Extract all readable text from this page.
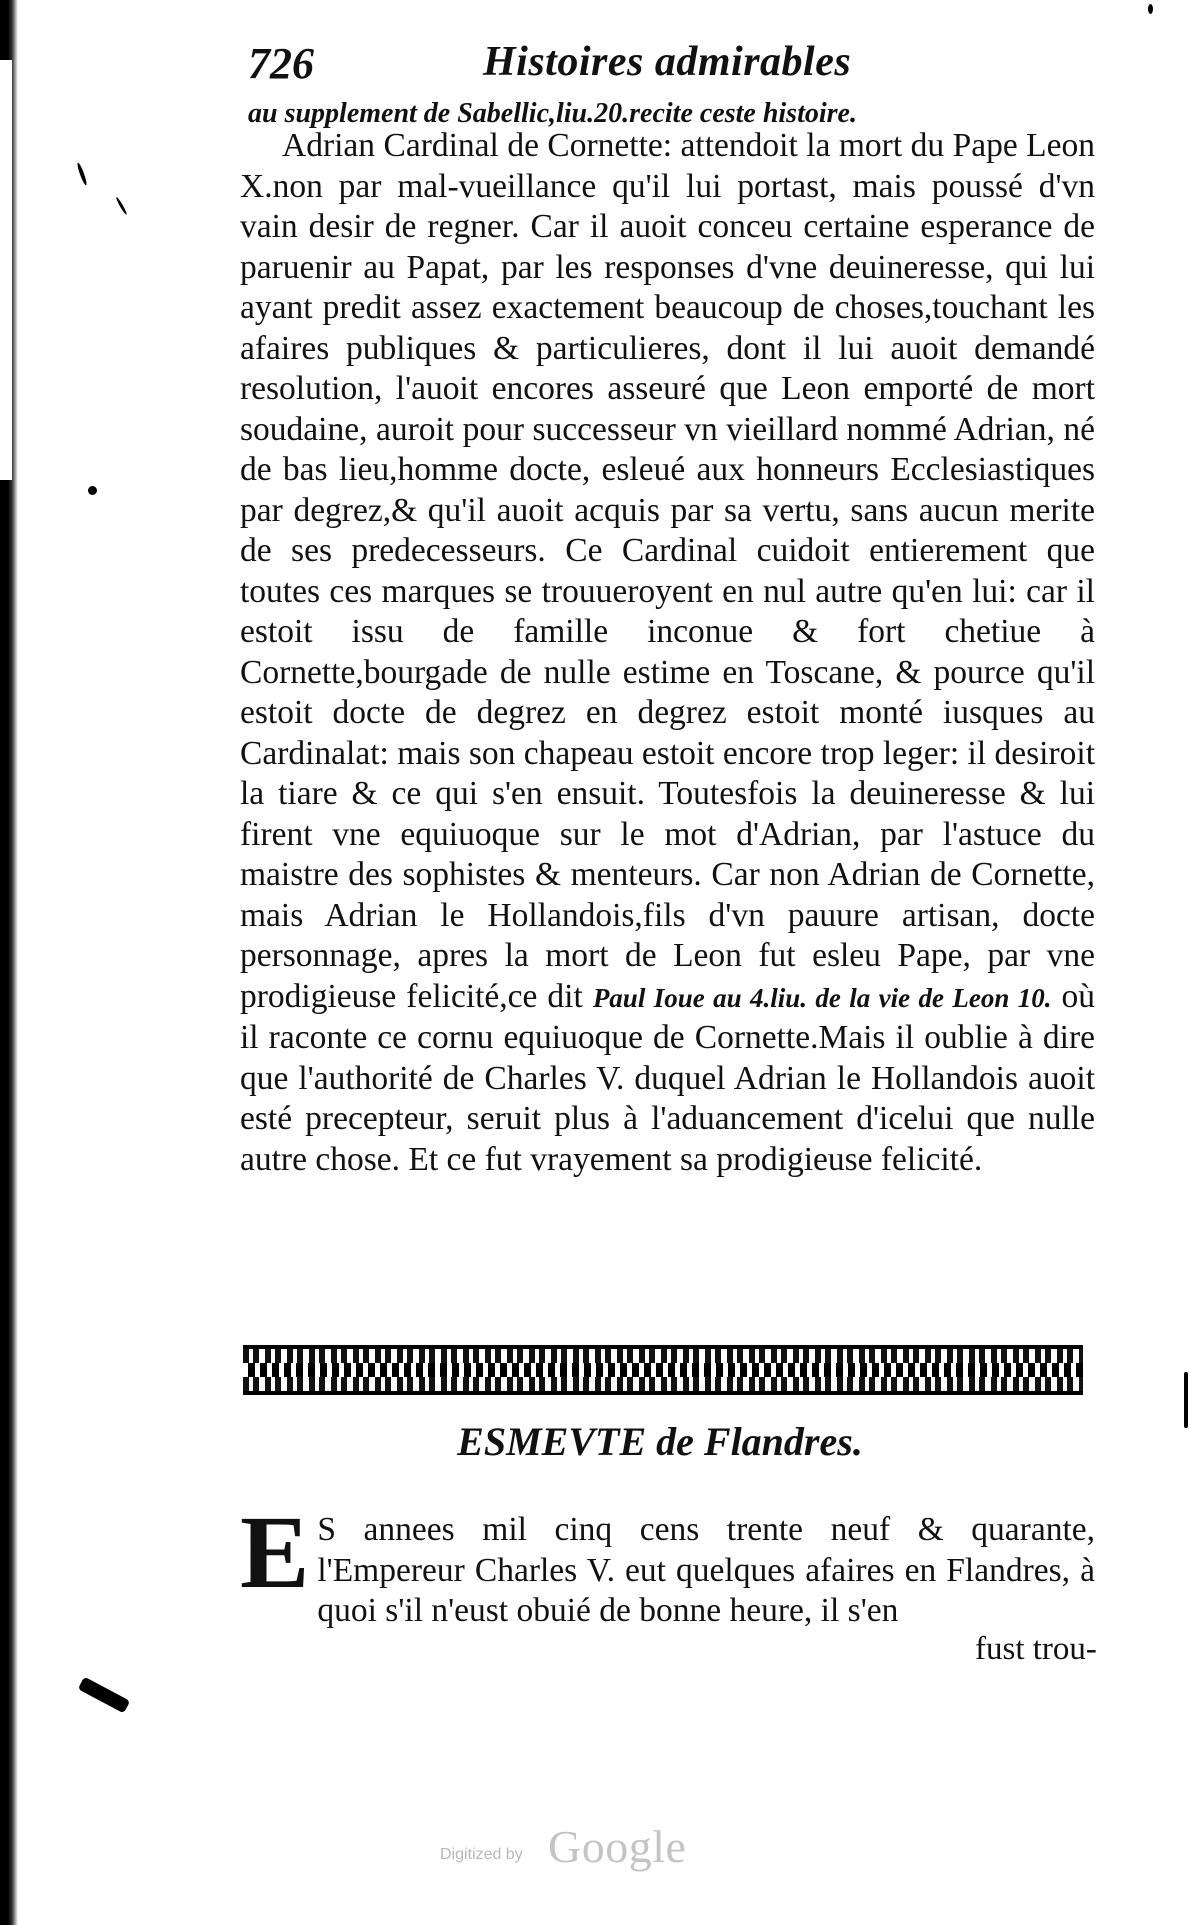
726	Histoires admirables
au supplement de Sabellic,liu.20.recite ceste histoire.

Adrian Cardinal de Cornette: attendoit la mort du Pape Leon X.non par mal-vueillance qu'il lui portast, mais poussé d'vn vain desir de regner. Car il auoit conceu certaine esperance de paruenir au Papat, par les responses d'vne deuineresse, qui lui ayant predit assez exactement beaucoup de choses,touchant les afaires publiques & particulieres, dont il lui auoit demandé resolution, l'auoit encores asseuré que Leon emporté de mort soudaine, auroit pour successeur vn vieillard nommé Adrian, né de bas lieu,homme docte, esleué aux honneurs Ecclesiastiques par degrez,& qu'il auoit acquis par sa vertu, sans aucun merite de ses predecesseurs. Ce Cardinal cuidoit entierement que toutes ces marques se trouueroyent en nul autre qu'en lui: car il estoit issu de famille inconue & fort chetiue à Cornette,bourgade de nulle estime en Toscane, & pource qu'il estoit docte de degrez en degrez estoit monté iusques au Cardinalat: mais son chapeau estoit encore trop leger: il desiroit la tiare & ce qui s'en ensuit. Toutesfois la deuineresse & lui firent vne equiuoque sur le mot d'Adrian, par l'astuce du maistre des sophistes & menteurs. Car non Adrian de Cornette, mais Adrian le Hollandois,fils d'vn pauure artisan, docte personnage, apres la mort de Leon fut esleu Pape, par vne prodigieuse felicité,ce dit Paul Ioue au 4.liu. de la vie de Leon 10. où il raconte ce cornu equiuoque de Cornette.Mais il oublie à dire que l'authorité de Charles V. duquel Adrian le Hollandois auoit esté precepteur, seruit plus à l'aduancement d'icelui que nulle autre chose. Et ce fut vrayement sa prodigieuse felicité.

ESMEVTE de Flandres.
E S annees mil cinq cens trente neuf & quarante, l'Empereur Charles V. eut quelques afaires en Flandres, à quoi s'il n'eust obuié de bonne heure, il s'en

fust trou-
Digitized by Google
